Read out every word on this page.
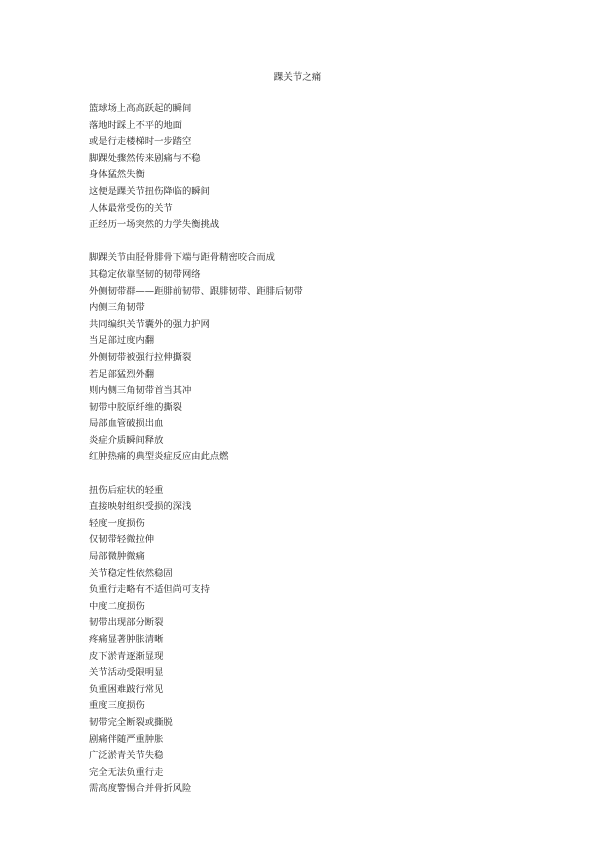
踝关节之痛
篮球场上高高跃起的瞬间
落地时踩上不平的地面
或是行走楼梯时一步踏空
脚踝处骤然传来剧痛与不稳
身体猛然失衡
这便是踝关节扭伤降临的瞬间
人体最常受伤的关节
正经历一场突然的力学失衡挑战
脚踝关节由胫骨腓骨下端与距骨精密咬合而成
其稳定依靠坚韧的韧带网络
外侧韧带群——距腓前韧带、跟腓韧带、距腓后韧带
内侧三角韧带
共同编织关节囊外的强力护网
当足部过度内翻
外侧韧带被强行拉伸撕裂
若足部猛烈外翻
则内侧三角韧带首当其冲
韧带中胶原纤维的撕裂
局部血管破损出血
炎症介质瞬间释放
红肿热痛的典型炎症反应由此点燃
扭伤后症状的轻重
直接映射组织受损的深浅
轻度一度损伤
仅韧带轻微拉伸
局部微肿微痛
关节稳定性依然稳固
负重行走略有不适但尚可支持
中度二度损伤
韧带出现部分断裂
疼痛显著肿胀清晰
皮下淤青逐渐显现
关节活动受限明显
负重困难跛行常见
重度三度损伤
韧带完全断裂或撕脱
剧痛伴随严重肿胀
广泛淤青关节失稳
完全无法负重行走
需高度警惕合并骨折风险
